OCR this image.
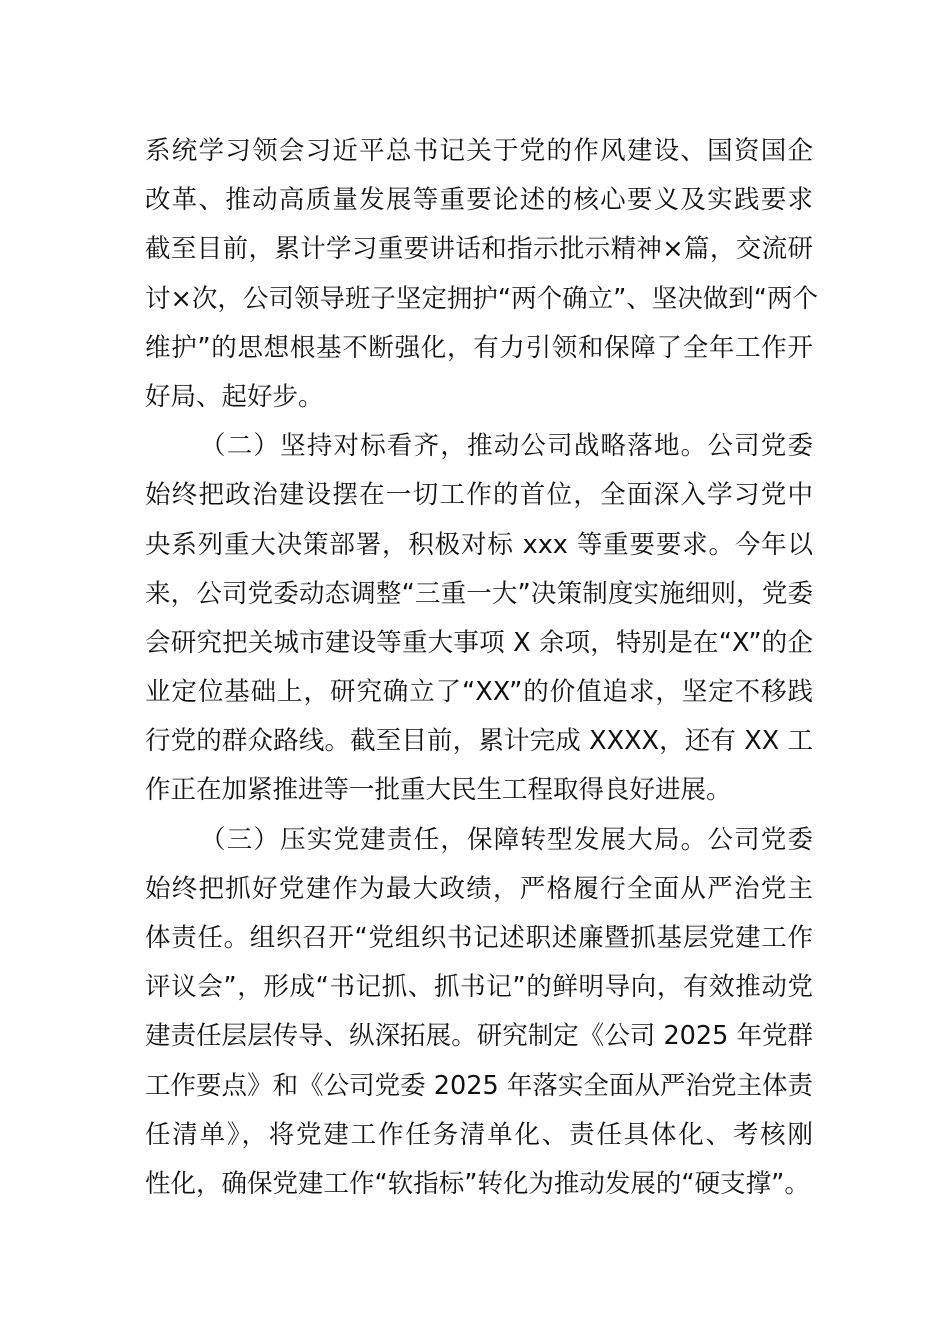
系统学习领会习近平总书记关于党的作风建设、国资国企
改革、推动高质量发展等重要论述的核心要义及实践要求
截至目前，累计学习重要讲话和指示批示精神×篇，交流研
讨×次，公司领导班子坚定拥护“两个确立”、坚决做到“两个
维护”的思想根基不断强化，有力引领和保障了全年工作开
好局、起好步。
（二）坚持对标看齐，推动公司战略落地。公司党委
始终把政治建设摆在一切工作的首位，全面深入学习党中
央系列重大决策部署，积极对标 xxx 等重要要求。今年以
来，公司党委动态调整“三重一大”决策制度实施细则，党委
会研究把关城市建设等重大事项 X 余项，特别是在“X”的企
业定位基础上，研究确立了“XX”的价值追求，坚定不移践
行党的群众路线。截至目前，累计完成 XXXX，还有 XX 工
作正在加紧推进等一批重大民生工程取得良好进展。
（三）压实党建责任，保障转型发展大局。公司党委
始终把抓好党建作为最大政绩，严格履行全面从严治党主
体责任。组织召开“党组织书记述职述廉暨抓基层党建工作
评议会”，形成“书记抓、抓书记”的鲜明导向，有效推动党
建责任层层传导、纵深拓展。研究制定《公司 2025 年党群
工作要点》和《公司党委 2025 年落实全面从严治党主体责
任清单》，将党建工作任务清单化、责任具体化、考核刚
性化，确保党建工作“软指标”转化为推动发展的“硬支撑”。
